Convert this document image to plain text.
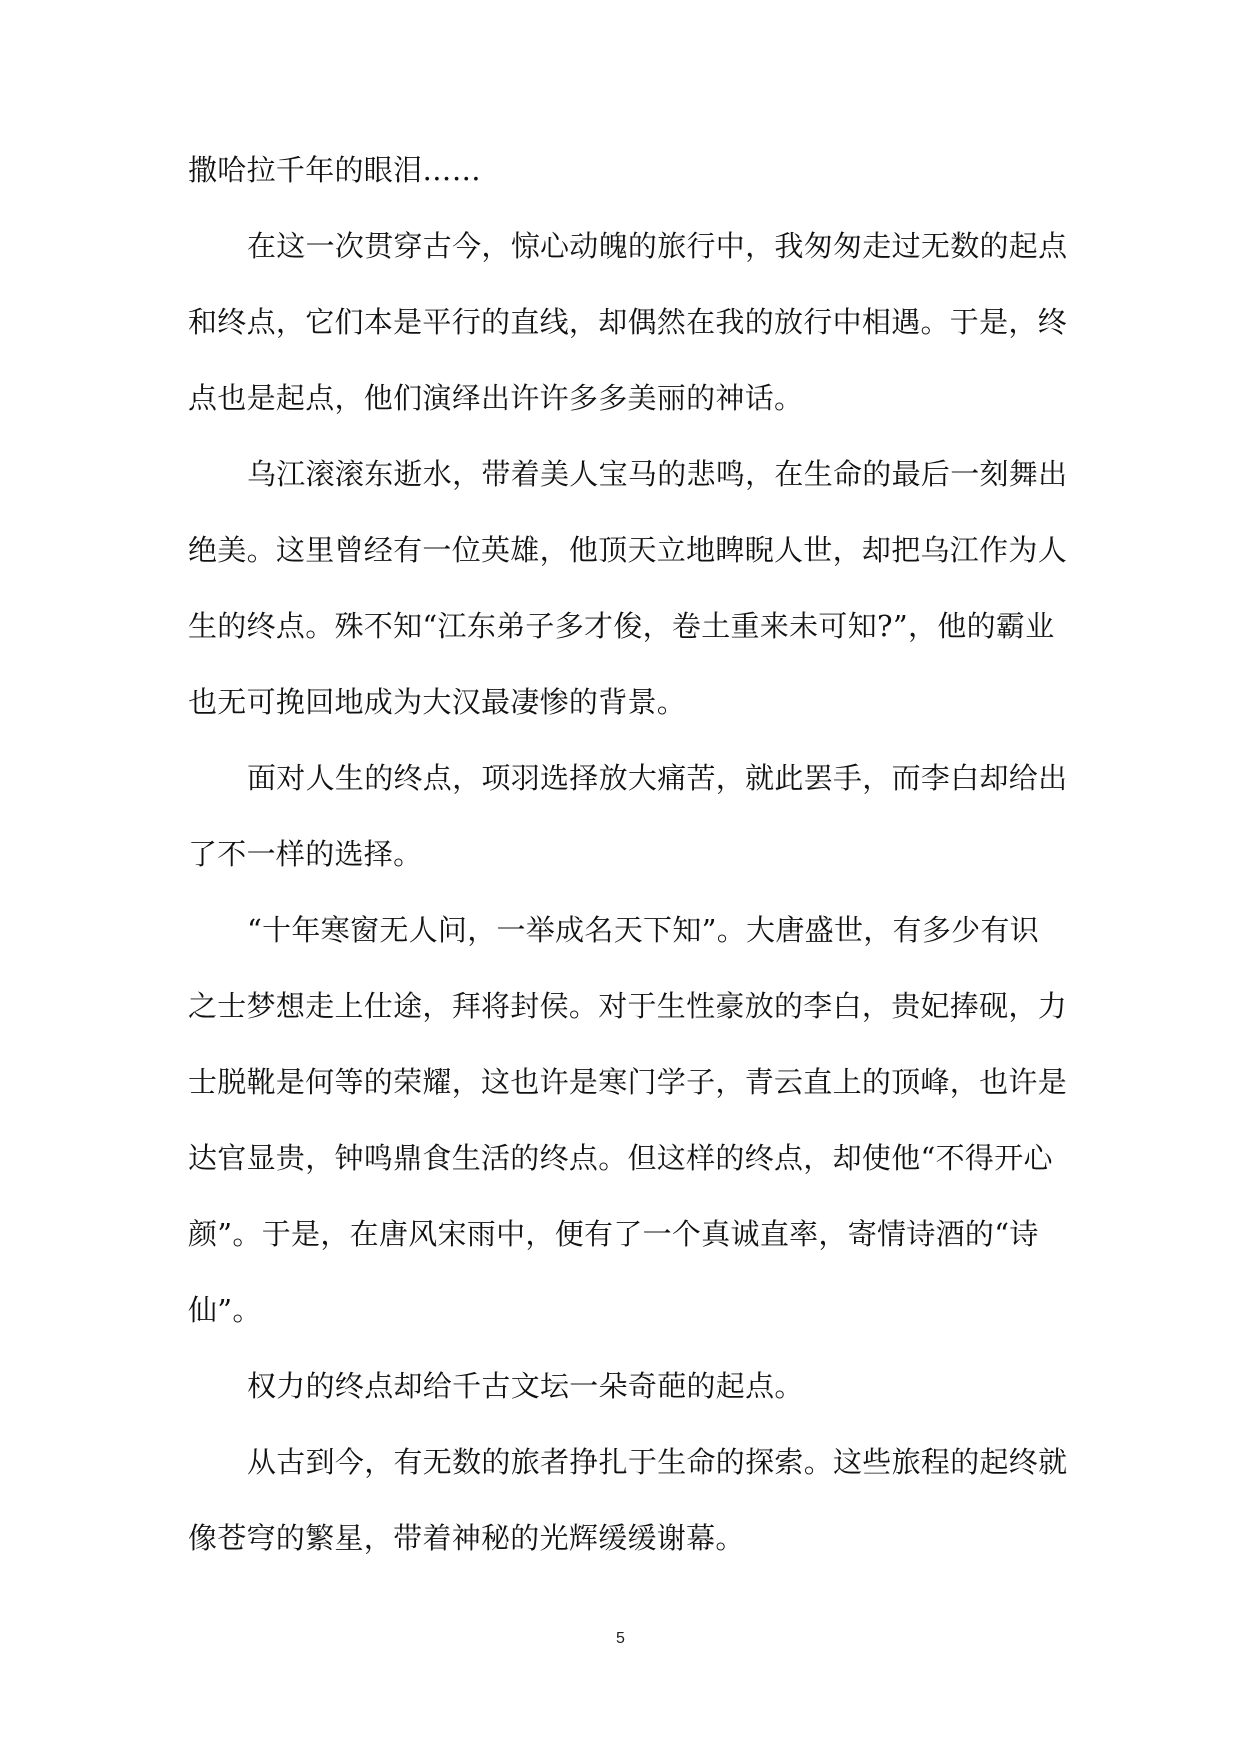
撒哈拉千年的眼泪……
在这一次贯穿古今，惊心动魄的旅行中，我匆匆走过无数的起点
和终点，它们本是平行的直线，却偶然在我的放行中相遇。于是，终
点也是起点，他们演绎出许许多多美丽的神话。
乌江滚滚东逝水，带着美人宝马的悲鸣，在生命的最后一刻舞出
绝美。这里曾经有一位英雄，他顶天立地睥睨人世，却把乌江作为人
生的终点。殊不知“江东弟子多才俊，卷土重来未可知?”，他的霸业
也无可挽回地成为大汉最凄惨的背景。
面对人生的终点，项羽选择放大痛苦，就此罢手，而李白却给出
了不一样的选择。
“十年寒窗无人问，一举成名天下知”。大唐盛世，有多少有识
之士梦想走上仕途，拜将封侯。对于生性豪放的李白，贵妃捧砚，力
士脱靴是何等的荣耀，这也许是寒门学子，青云直上的顶峰，也许是
达官显贵，钟鸣鼎食生活的终点。但这样的终点，却使他“不得开心
颜”。于是，在唐风宋雨中，便有了一个真诚直率，寄情诗酒的“诗
仙”。
权力的终点却给千古文坛一朵奇葩的起点。
从古到今，有无数的旅者挣扎于生命的探索。这些旅程的起终就
像苍穹的繁星，带着神秘的光辉缓缓谢幕。
5
